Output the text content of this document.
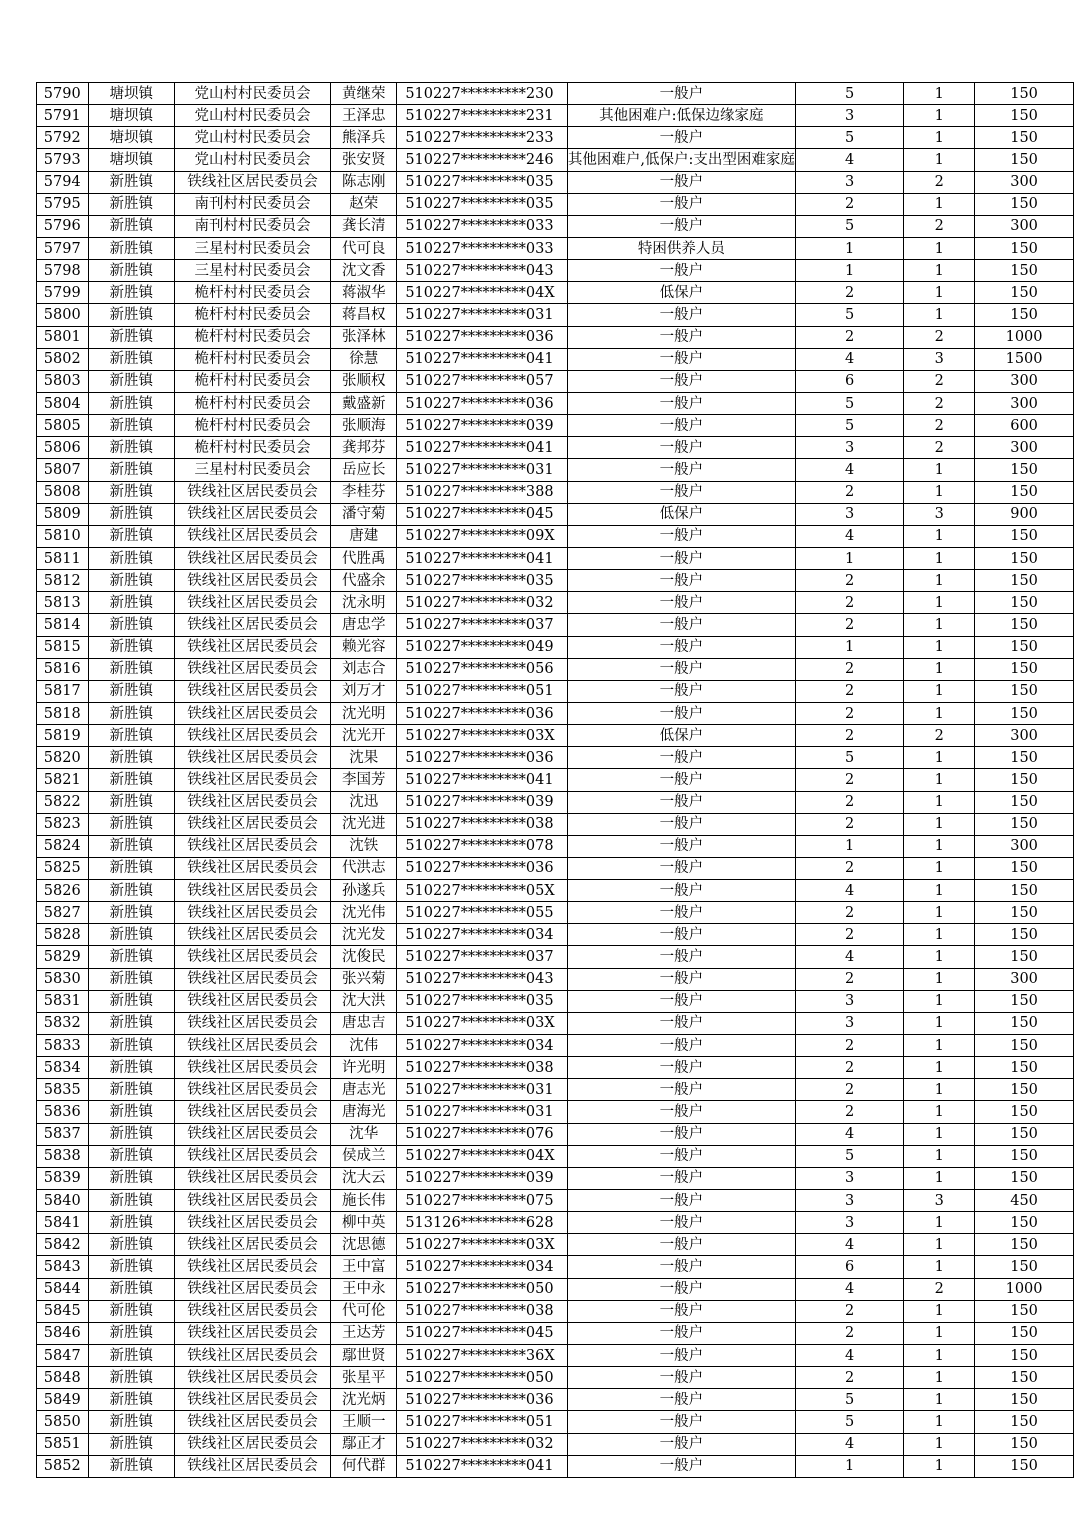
5790	塘坝镇	党山村村民委员会	黄继荣	510227*********230	一般户	5	1	150
5791	塘坝镇	党山村村民委员会	王泽忠	510227*********231	其他困难户:低保边缘家庭	3	1	150
5792	塘坝镇	党山村村民委员会	熊泽兵	510227*********233	一般户	5	1	150
5793	塘坝镇	党山村村民委员会	张安贤	510227*********246	其他困难户,低保户:支出型困难家庭	4	1	150
5794	新胜镇	铁线社区居民委员会	陈志刚	510227*********035	一般户	3	2	300
5795	新胜镇	南刊村村民委员会	赵荣	510227*********035	一般户	2	1	150
5796	新胜镇	南刊村村民委员会	龚长清	510227*********033	一般户	5	2	300
5797	新胜镇	三星村村民委员会	代可良	510227*********033	特困供养人员	1	1	150
5798	新胜镇	三星村村民委员会	沈文香	510227*********043	一般户	1	1	150
5799	新胜镇	桅杆村村民委员会	蒋淑华	510227*********04X	低保户	2	1	150
5800	新胜镇	桅杆村村民委员会	蒋昌权	510227*********031	一般户	5	1	150
5801	新胜镇	桅杆村村民委员会	张泽林	510227*********036	一般户	2	2	1000
5802	新胜镇	桅杆村村民委员会	徐慧	510227*********041	一般户	4	3	1500
5803	新胜镇	桅杆村村民委员会	张顺权	510227*********057	一般户	6	2	300
5804	新胜镇	桅杆村村民委员会	戴盛新	510227*********036	一般户	5	2	300
5805	新胜镇	桅杆村村民委员会	张顺海	510227*********039	一般户	5	2	600
5806	新胜镇	桅杆村村民委员会	龚邦芬	510227*********041	一般户	3	2	300
5807	新胜镇	三星村村民委员会	岳应长	510227*********031	一般户	4	1	150
5808	新胜镇	铁线社区居民委员会	李桂芬	510227*********388	一般户	2	1	150
5809	新胜镇	铁线社区居民委员会	潘守菊	510227*********045	低保户	3	3	900
5810	新胜镇	铁线社区居民委员会	唐建	510227*********09X	一般户	4	1	150
5811	新胜镇	铁线社区居民委员会	代胜禹	510227*********041	一般户	1	1	150
5812	新胜镇	铁线社区居民委员会	代盛余	510227*********035	一般户	2	1	150
5813	新胜镇	铁线社区居民委员会	沈永明	510227*********032	一般户	2	1	150
5814	新胜镇	铁线社区居民委员会	唐忠学	510227*********037	一般户	2	1	150
5815	新胜镇	铁线社区居民委员会	赖光容	510227*********049	一般户	1	1	150
5816	新胜镇	铁线社区居民委员会	刘志合	510227*********056	一般户	2	1	150
5817	新胜镇	铁线社区居民委员会	刘万才	510227*********051	一般户	2	1	150
5818	新胜镇	铁线社区居民委员会	沈光明	510227*********036	一般户	2	1	150
5819	新胜镇	铁线社区居民委员会	沈光开	510227*********03X	低保户	2	2	300
5820	新胜镇	铁线社区居民委员会	沈果	510227*********036	一般户	5	1	150
5821	新胜镇	铁线社区居民委员会	李国芳	510227*********041	一般户	2	1	150
5822	新胜镇	铁线社区居民委员会	沈迅	510227*********039	一般户	2	1	150
5823	新胜镇	铁线社区居民委员会	沈光进	510227*********038	一般户	2	1	150
5824	新胜镇	铁线社区居民委员会	沈铁	510227*********078	一般户	1	1	300
5825	新胜镇	铁线社区居民委员会	代洪志	510227*********036	一般户	2	1	150
5826	新胜镇	铁线社区居民委员会	孙遂兵	510227*********05X	一般户	4	1	150
5827	新胜镇	铁线社区居民委员会	沈光伟	510227*********055	一般户	2	1	150
5828	新胜镇	铁线社区居民委员会	沈光发	510227*********034	一般户	2	1	150
5829	新胜镇	铁线社区居民委员会	沈俊民	510227*********037	一般户	4	1	150
5830	新胜镇	铁线社区居民委员会	张兴菊	510227*********043	一般户	2	1	300
5831	新胜镇	铁线社区居民委员会	沈大洪	510227*********035	一般户	3	1	150
5832	新胜镇	铁线社区居民委员会	唐忠吉	510227*********03X	一般户	3	1	150
5833	新胜镇	铁线社区居民委员会	沈伟	510227*********034	一般户	2	1	150
5834	新胜镇	铁线社区居民委员会	许光明	510227*********038	一般户	2	1	150
5835	新胜镇	铁线社区居民委员会	唐志光	510227*********031	一般户	2	1	150
5836	新胜镇	铁线社区居民委员会	唐海光	510227*********031	一般户	2	1	150
5837	新胜镇	铁线社区居民委员会	沈华	510227*********076	一般户	4	1	150
5838	新胜镇	铁线社区居民委员会	侯成兰	510227*********04X	一般户	5	1	150
5839	新胜镇	铁线社区居民委员会	沈大云	510227*********039	一般户	3	1	150
5840	新胜镇	铁线社区居民委员会	施长伟	510227*********075	一般户	3	3	450
5841	新胜镇	铁线社区居民委员会	柳中英	513126*********628	一般户	3	1	150
5842	新胜镇	铁线社区居民委员会	沈思德	510227*********03X	一般户	4	1	150
5843	新胜镇	铁线社区居民委员会	王中富	510227*********034	一般户	6	1	150
5844	新胜镇	铁线社区居民委员会	王中永	510227*********050	一般户	4	2	1000
5845	新胜镇	铁线社区居民委员会	代可伦	510227*********038	一般户	2	1	150
5846	新胜镇	铁线社区居民委员会	王达芳	510227*********045	一般户	2	1	150
5847	新胜镇	铁线社区居民委员会	鄢世贤	510227*********36X	一般户	4	1	150
5848	新胜镇	铁线社区居民委员会	张星平	510227*********050	一般户	2	1	150
5849	新胜镇	铁线社区居民委员会	沈光炳	510227*********036	一般户	5	1	150
5850	新胜镇	铁线社区居民委员会	王顺一	510227*********051	一般户	5	1	150
5851	新胜镇	铁线社区居民委员会	鄢正才	510227*********032	一般户	4	1	150
5852	新胜镇	铁线社区居民委员会	何代群	510227*********041	一般户	1	1	150
